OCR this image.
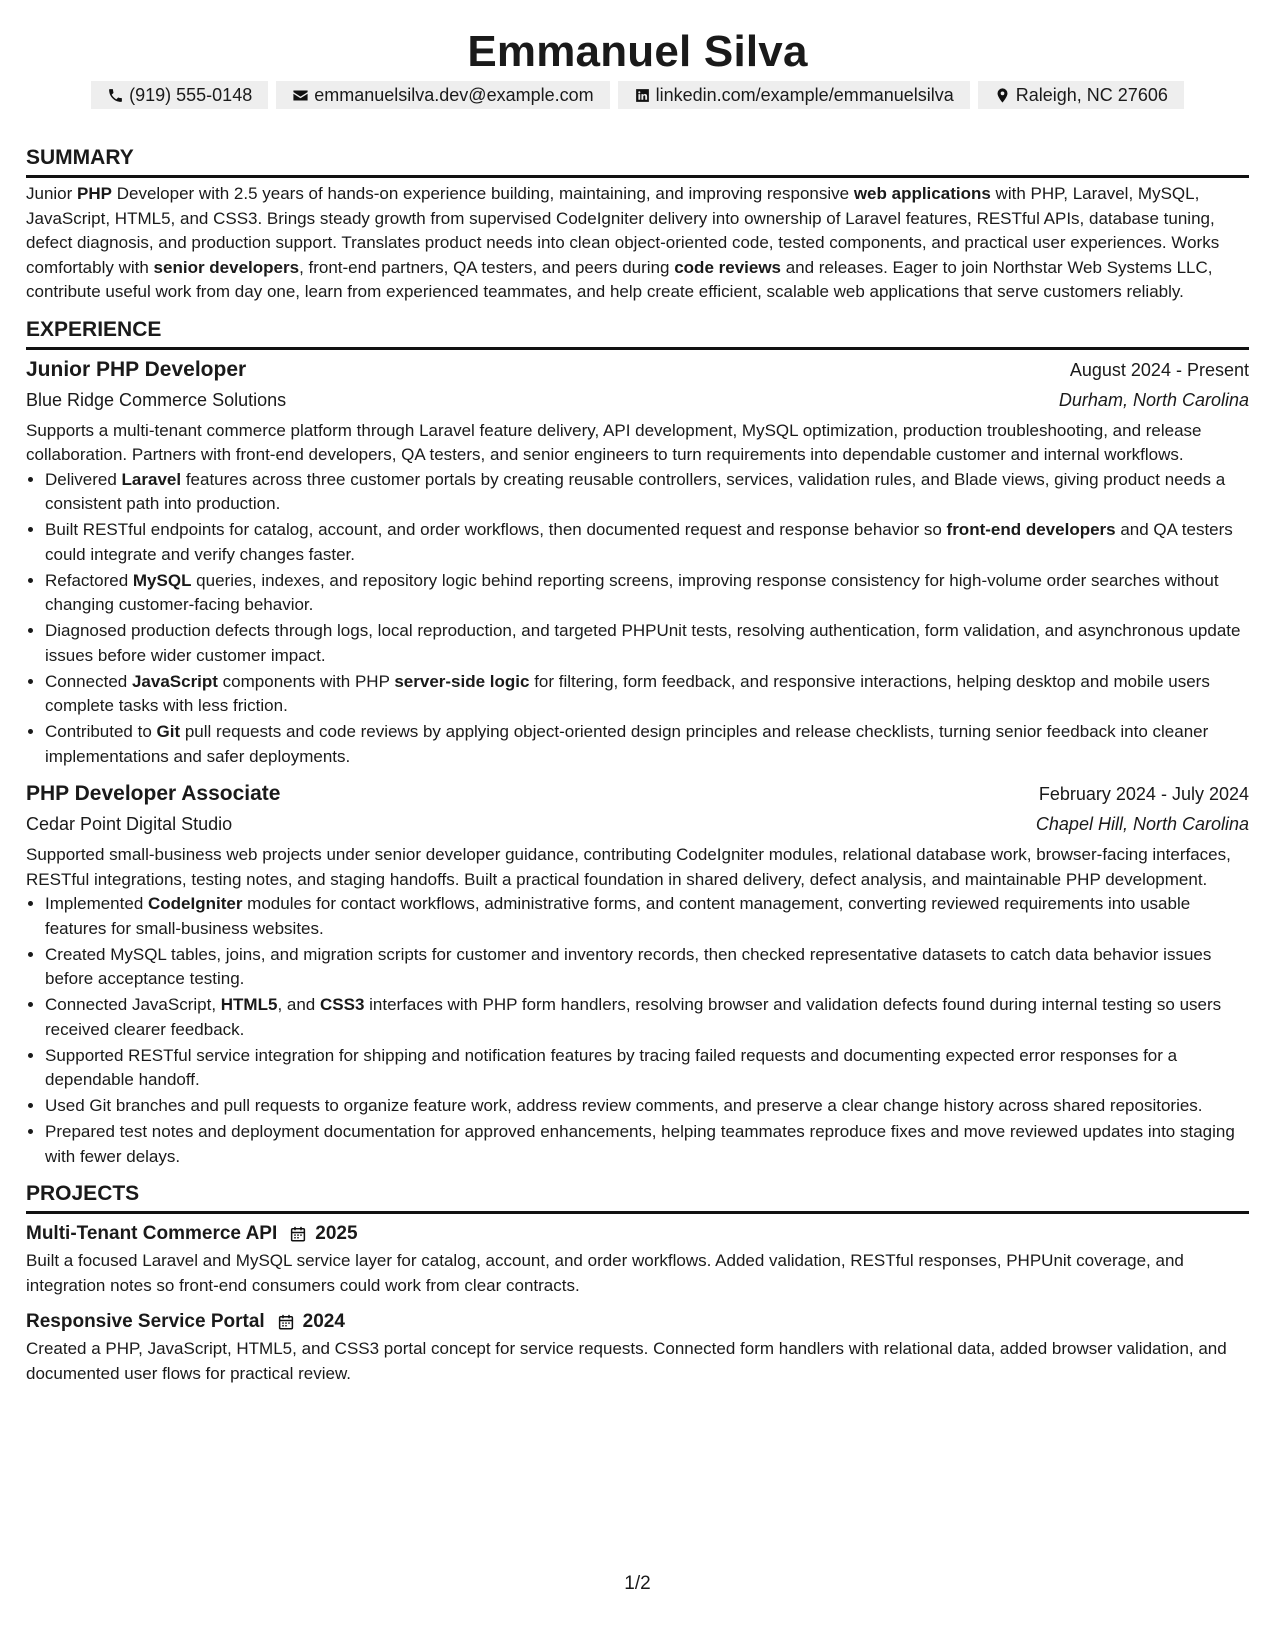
Emmanuel Silva
(919) 555-0148	emmanuelsilva.dev@example.com	linkedin.com/example/emmanuelsilva	Raleigh, NC 27606
SUMMARY

Junior PHP Developer with 2.5 years of hands-on experience building, maintaining, and improving responsive web applications with PHP, Laravel, MySQL, JavaScript, HTML5, and CSS3. Brings steady growth from supervised CodeIgniter delivery into ownership of Laravel features, RESTful APIs, database tuning, defect diagnosis, and production support. Translates product needs into clean object-oriented code, tested components, and practical user experiences. Works comfortably with senior developers, front-end partners, QA testers, and peers during code reviews and releases. Eager to join Northstar Web Systems LLC, contribute useful work from day one, learn from experienced teammates, and help create efficient, scalable web applications that serve customers reliably.

EXPERIENCE
Junior PHP Developer	August 2024 - Present
Blue Ridge Commerce Solutions	Durham, North Carolina

Supports a multi-tenant commerce platform through Laravel feature delivery, API development, MySQL optimization, production troubleshooting, and release collaboration. Partners with front-end developers, QA testers, and senior engineers to turn requirements into dependable customer and internal workflows.

• Delivered Laravel features across three customer portals by creating reusable controllers, services, validation rules, and Blade views, giving product needs a consistent path into production.
• Built RESTful endpoints for catalog, account, and order workflows, then documented request and response behavior so front-end developers and QA testers could integrate and verify changes faster.
• Refactored MySQL queries, indexes, and repository logic behind reporting screens, improving response consistency for high-volume order searches without changing customer-facing behavior.
• Diagnosed production defects through logs, local reproduction, and targeted PHPUnit tests, resolving authentication, form validation, and asynchronous update issues before wider customer impact.
• Connected JavaScript components with PHP server-side logic for filtering, form feedback, and responsive interactions, helping desktop and mobile users complete tasks with less friction.
• Contributed to Git pull requests and code reviews by applying object-oriented design principles and release checklists, turning senior feedback into cleaner implementations and safer deployments.
PHP Developer Associate	February 2024 - July 2024
Cedar Point Digital Studio	Chapel Hill, North Carolina

Supported small-business web projects under senior developer guidance, contributing CodeIgniter modules, relational database work, browser-facing interfaces, RESTful integrations, testing notes, and staging handoffs. Built a practical foundation in shared delivery, defect analysis, and maintainable PHP development.

• Implemented CodeIgniter modules for contact workflows, administrative forms, and content management, converting reviewed requirements into usable features for small-business websites.
• Created MySQL tables, joins, and migration scripts for customer and inventory records, then checked representative datasets to catch data behavior issues before acceptance testing.
• Connected JavaScript, HTML5, and CSS3 interfaces with PHP form handlers, resolving browser and validation defects found during internal testing so users received clearer feedback.
• Supported RESTful service integration for shipping and notification features by tracing failed requests and documenting expected error responses for a dependable handoff.
• Used Git branches and pull requests to organize feature work, address review comments, and preserve a clear change history across shared repositories.
• Prepared test notes and deployment documentation for approved enhancements, helping teammates reproduce fixes and move reviewed updates into staging with fewer delays.
PROJECTS
Multi-Tenant Commerce API 2025

Built a focused Laravel and MySQL service layer for catalog, account, and order workflows. Added validation, RESTful responses, PHPUnit coverage, and integration notes so front-end consumers could work from clear contracts.

Responsive Service Portal 2024

Created a PHP, JavaScript, HTML5, and CSS3 portal concept for service requests. Connected form handlers with relational data, added browser validation, and documented user flows for practical review.

1/2
